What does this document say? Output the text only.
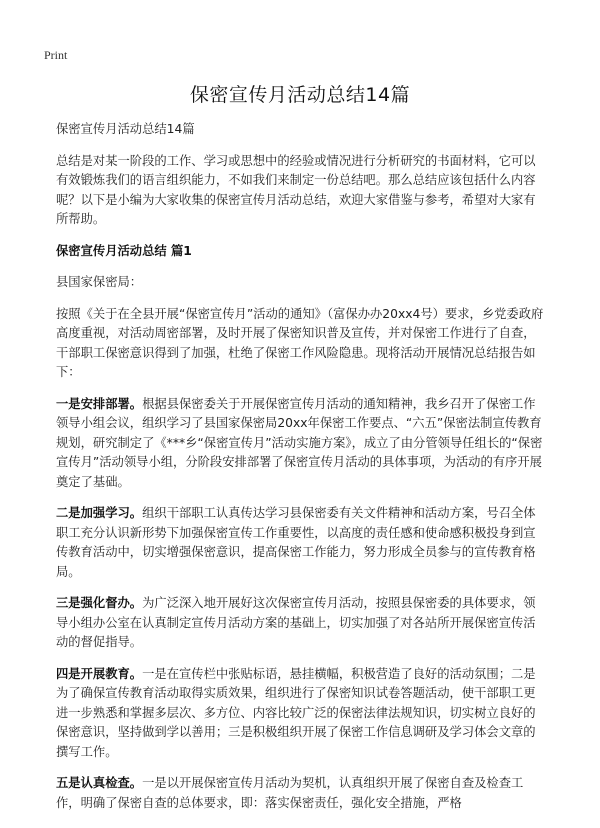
Print
保密宣传月活动总结14篇

保密宣传月活动总结14篇

总结是对某一阶段的工作、学习或思想中的经验或情况进行分析研究的书面材料，它可以有效锻炼我们的语言组织能力，不如我们来制定一份总结吧。那么总结应该包括什么内容呢？以下是小编为大家收集的保密宣传月活动总结，欢迎大家借鉴与参考，希望对大家有所帮助。

保密宣传月活动总结 篇1

县国家保密局：

按照《关于在全县开展“保密宣传月”活动的通知》（富保办办20xx4号）要求，乡党委政府高度重视，对活动周密部署，及时开展了保密知识普及宣传，并对保密工作进行了自查，干部职工保密意识得到了加强，杜绝了保密工作风险隐患。现将活动开展情况总结报告如下：

一是安排部署。根据县保密委关于开展保密宣传月活动的通知精神，我乡召开了保密工作领导小组会议，组织学习了县国家保密局20xx年保密工作要点、“六五”保密法制宣传教育规划，研究制定了《***乡“保密宣传月”活动实施方案》，成立了由分管领导任组长的“保密宣传月”活动领导小组，分阶段安排部署了保密宣传月活动的具体事项，为活动的有序开展奠定了基础。

二是加强学习。组织干部职工认真传达学习县保密委有关文件精神和活动方案，号召全体职工充分认识新形势下加强保密宣传工作重要性，以高度的责任感和使命感积极投身到宣传教育活动中，切实增强保密意识，提高保密工作能力，努力形成全员参与的宣传教育格局。

三是强化督办。为广泛深入地开展好这次保密宣传月活动，按照县保密委的具体要求，领导小组办公室在认真制定宣传月活动方案的基础上，切实加强了对各站所开展保密宣传活动的督促指导。

四是开展教育。一是在宣传栏中张贴标语，悬挂横幅，积极营造了良好的活动氛围；二是为了确保宣传教育活动取得实质效果，组织进行了保密知识试卷答题活动，使干部职工更进一步熟悉和掌握多层次、多方位、内容比较广泛的保密法律法规知识，切实树立良好的保密意识，坚持做到学以善用；三是积极组织开展了保密工作信息调研及学习体会文章的撰写工作。

五是认真检查。一是以开展保密宣传月活动为契机，认真组织开展了保密自查及检查工作，明确了保密自查的总体要求，即：落实保密责任，强化安全措施，严格
